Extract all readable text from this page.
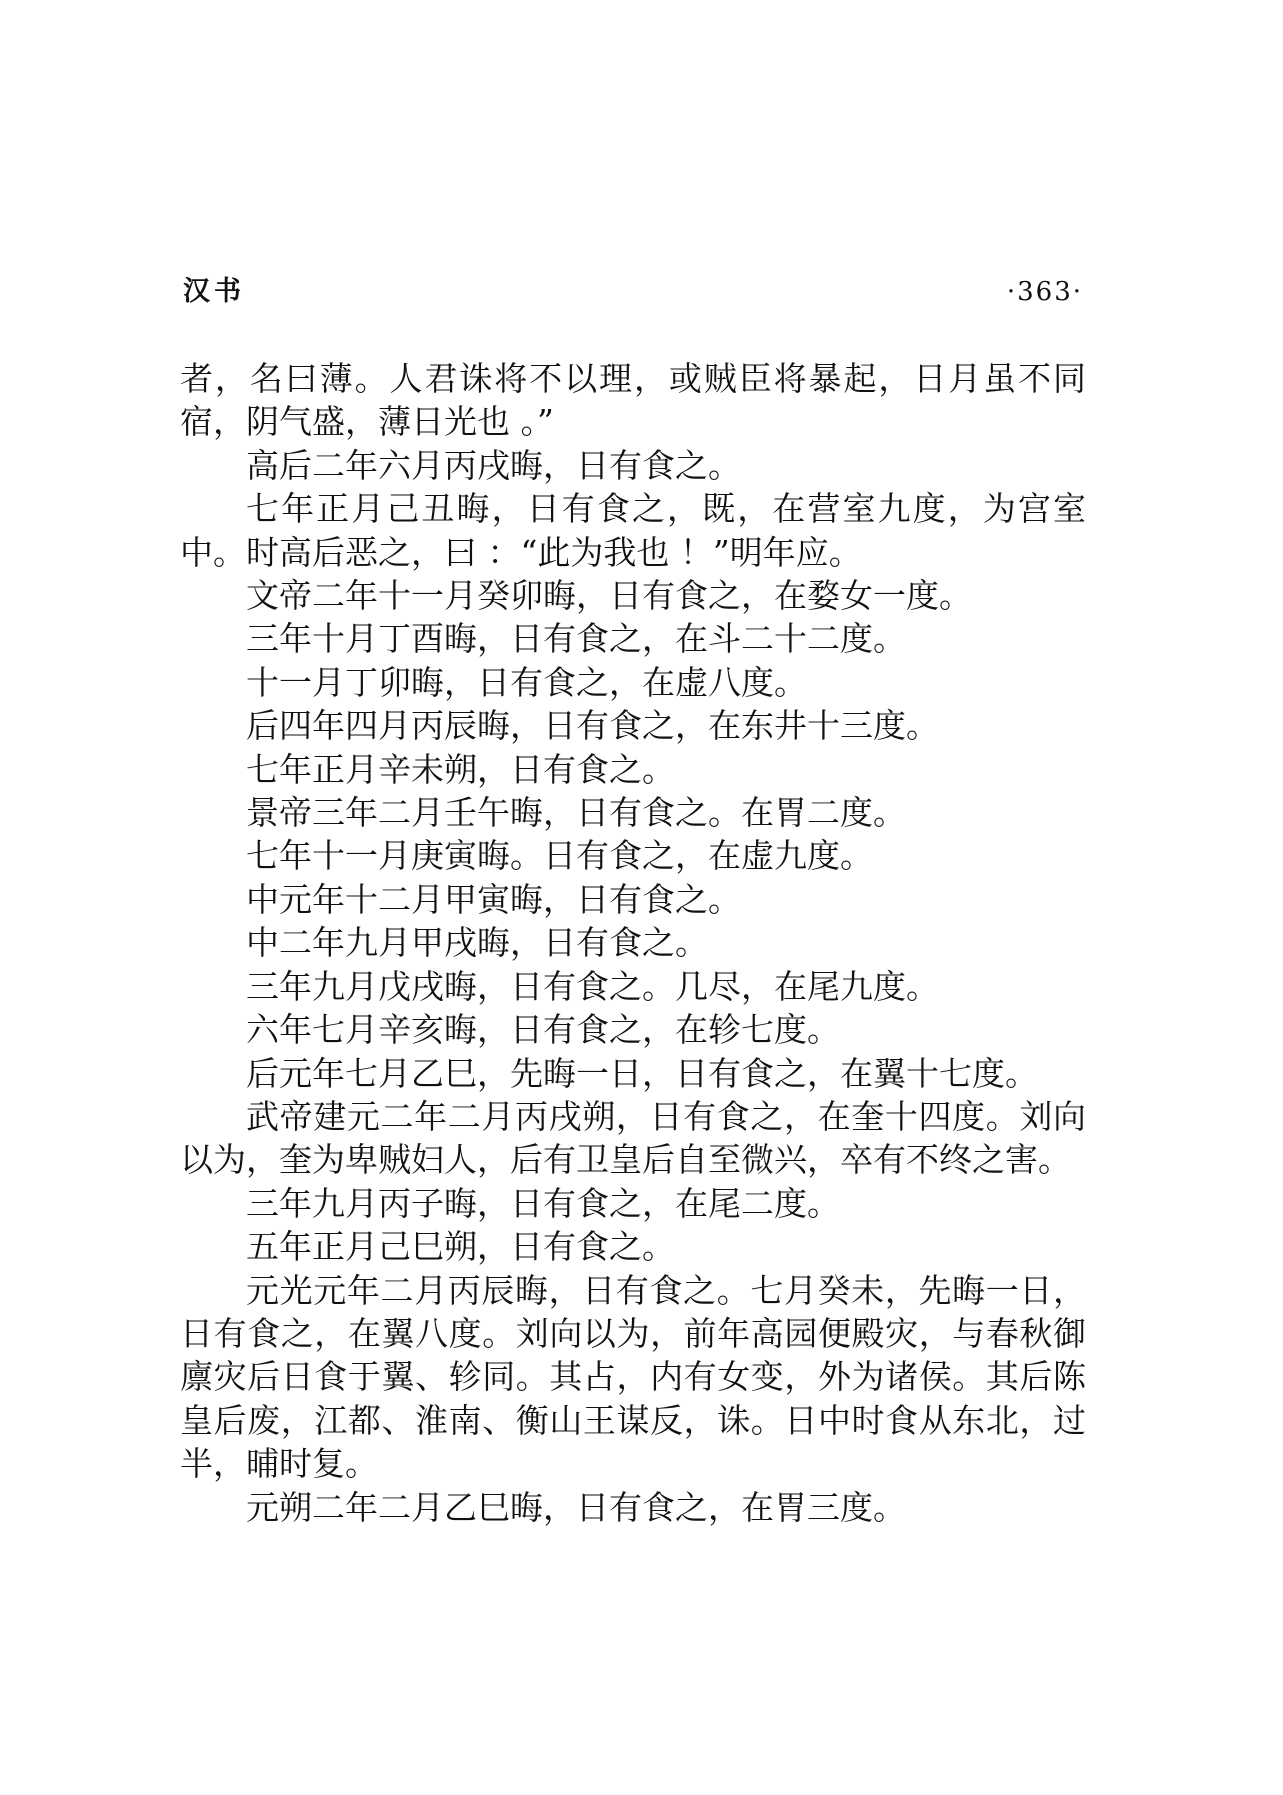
汉书	·363·

者，名曰薄。人君诛将不以理，或贼臣将暴起，日月虽不同宿，阴气盛，薄日光也 。”

高后二年六月丙戌晦，日有食之。

七年正月己丑晦，日有食之，既，在营室九度，为宫室中。时高后恶之，曰 ：“此为我也 ！”明年应。

文帝二年十一月癸卯晦，日有食之，在婺女一度。

三年十月丁酉晦，日有食之，在斗二十二度。

十一月丁卯晦，日有食之，在虚八度。

后四年四月丙辰晦，日有食之，在东井十三度。

七年正月辛未朔，日有食之。

景帝三年二月壬午晦，日有食之。在胃二度。

七年十一月庚寅晦。日有食之，在虚九度。

中元年十二月甲寅晦，日有食之。

中二年九月甲戌晦，日有食之。

三年九月戊戌晦，日有食之。几尽，在尾九度。

六年七月辛亥晦，日有食之，在轸七度。

后元年七月乙巳，先晦一日，日有食之，在翼十七度。

武帝建元二年二月丙戌朔，日有食之，在奎十四度。刘向以为，奎为卑贼妇人，后有卫皇后自至微兴，卒有不终之害。

三年九月丙子晦，日有食之，在尾二度。

五年正月己巳朔，日有食之。

元光元年二月丙辰晦，日有食之。七月癸未，先晦一日，日有食之，在翼八度。刘向以为，前年高园便殿灾，与春秋御廪灾后日食于翼、轸同。其占，内有女变，外为诸侯。其后陈皇后废，江都、淮南、衡山王谋反，诛。日中时食从东北，过半，晡时复。

元朔二年二月乙巳晦，日有食之，在胃三度。
